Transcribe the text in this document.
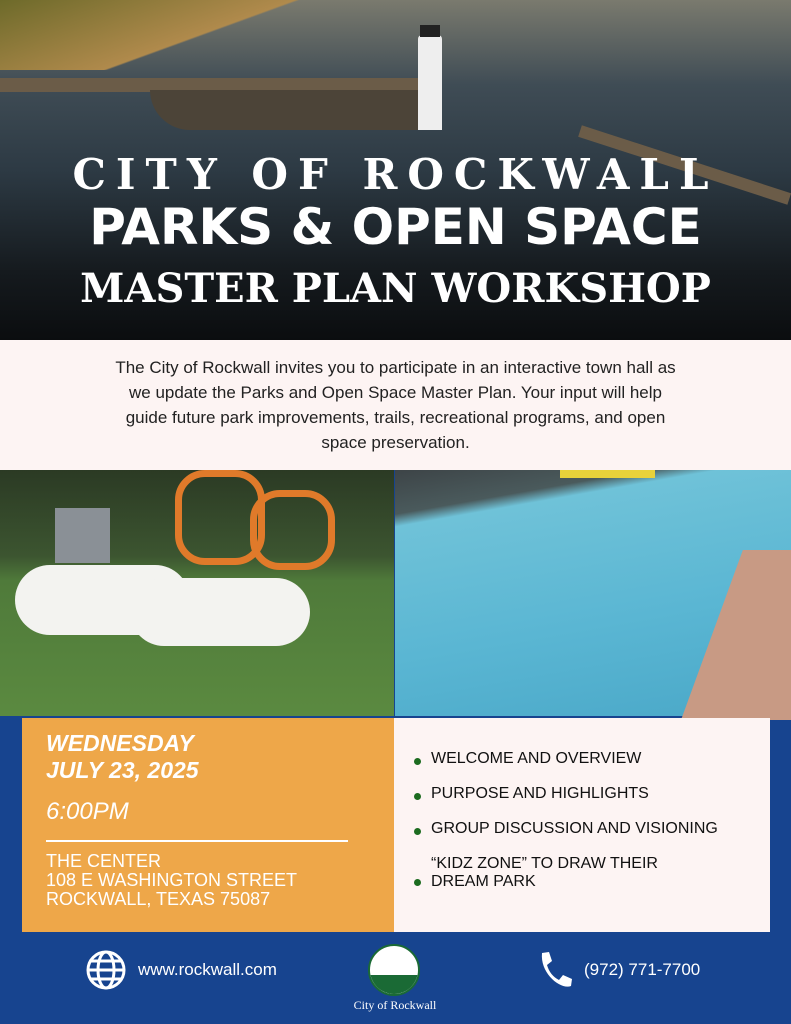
CITY OF ROCKWALL
PARKS & OPEN SPACE
MASTER PLAN WORKSHOP
The City of Rockwall invites you to participate in an interactive town hall as we update the Parks and Open Space Master Plan. Your input will help guide future park improvements, trails, recreational programs, and open space preservation.
WEDNESDAY
JULY 23, 2025
6:00PM
THE CENTER
108 E WASHINGTON STREET
ROCKWALL, TEXAS 75087
WELCOME AND OVERVIEW
PURPOSE AND HIGHLIGHTS
GROUP DISCUSSION AND VISIONING
“KIDZ ZONE” TO DRAW THEIR DREAM PARK
www.rockwall.com
City of Rockwall
(972) 771-7700
